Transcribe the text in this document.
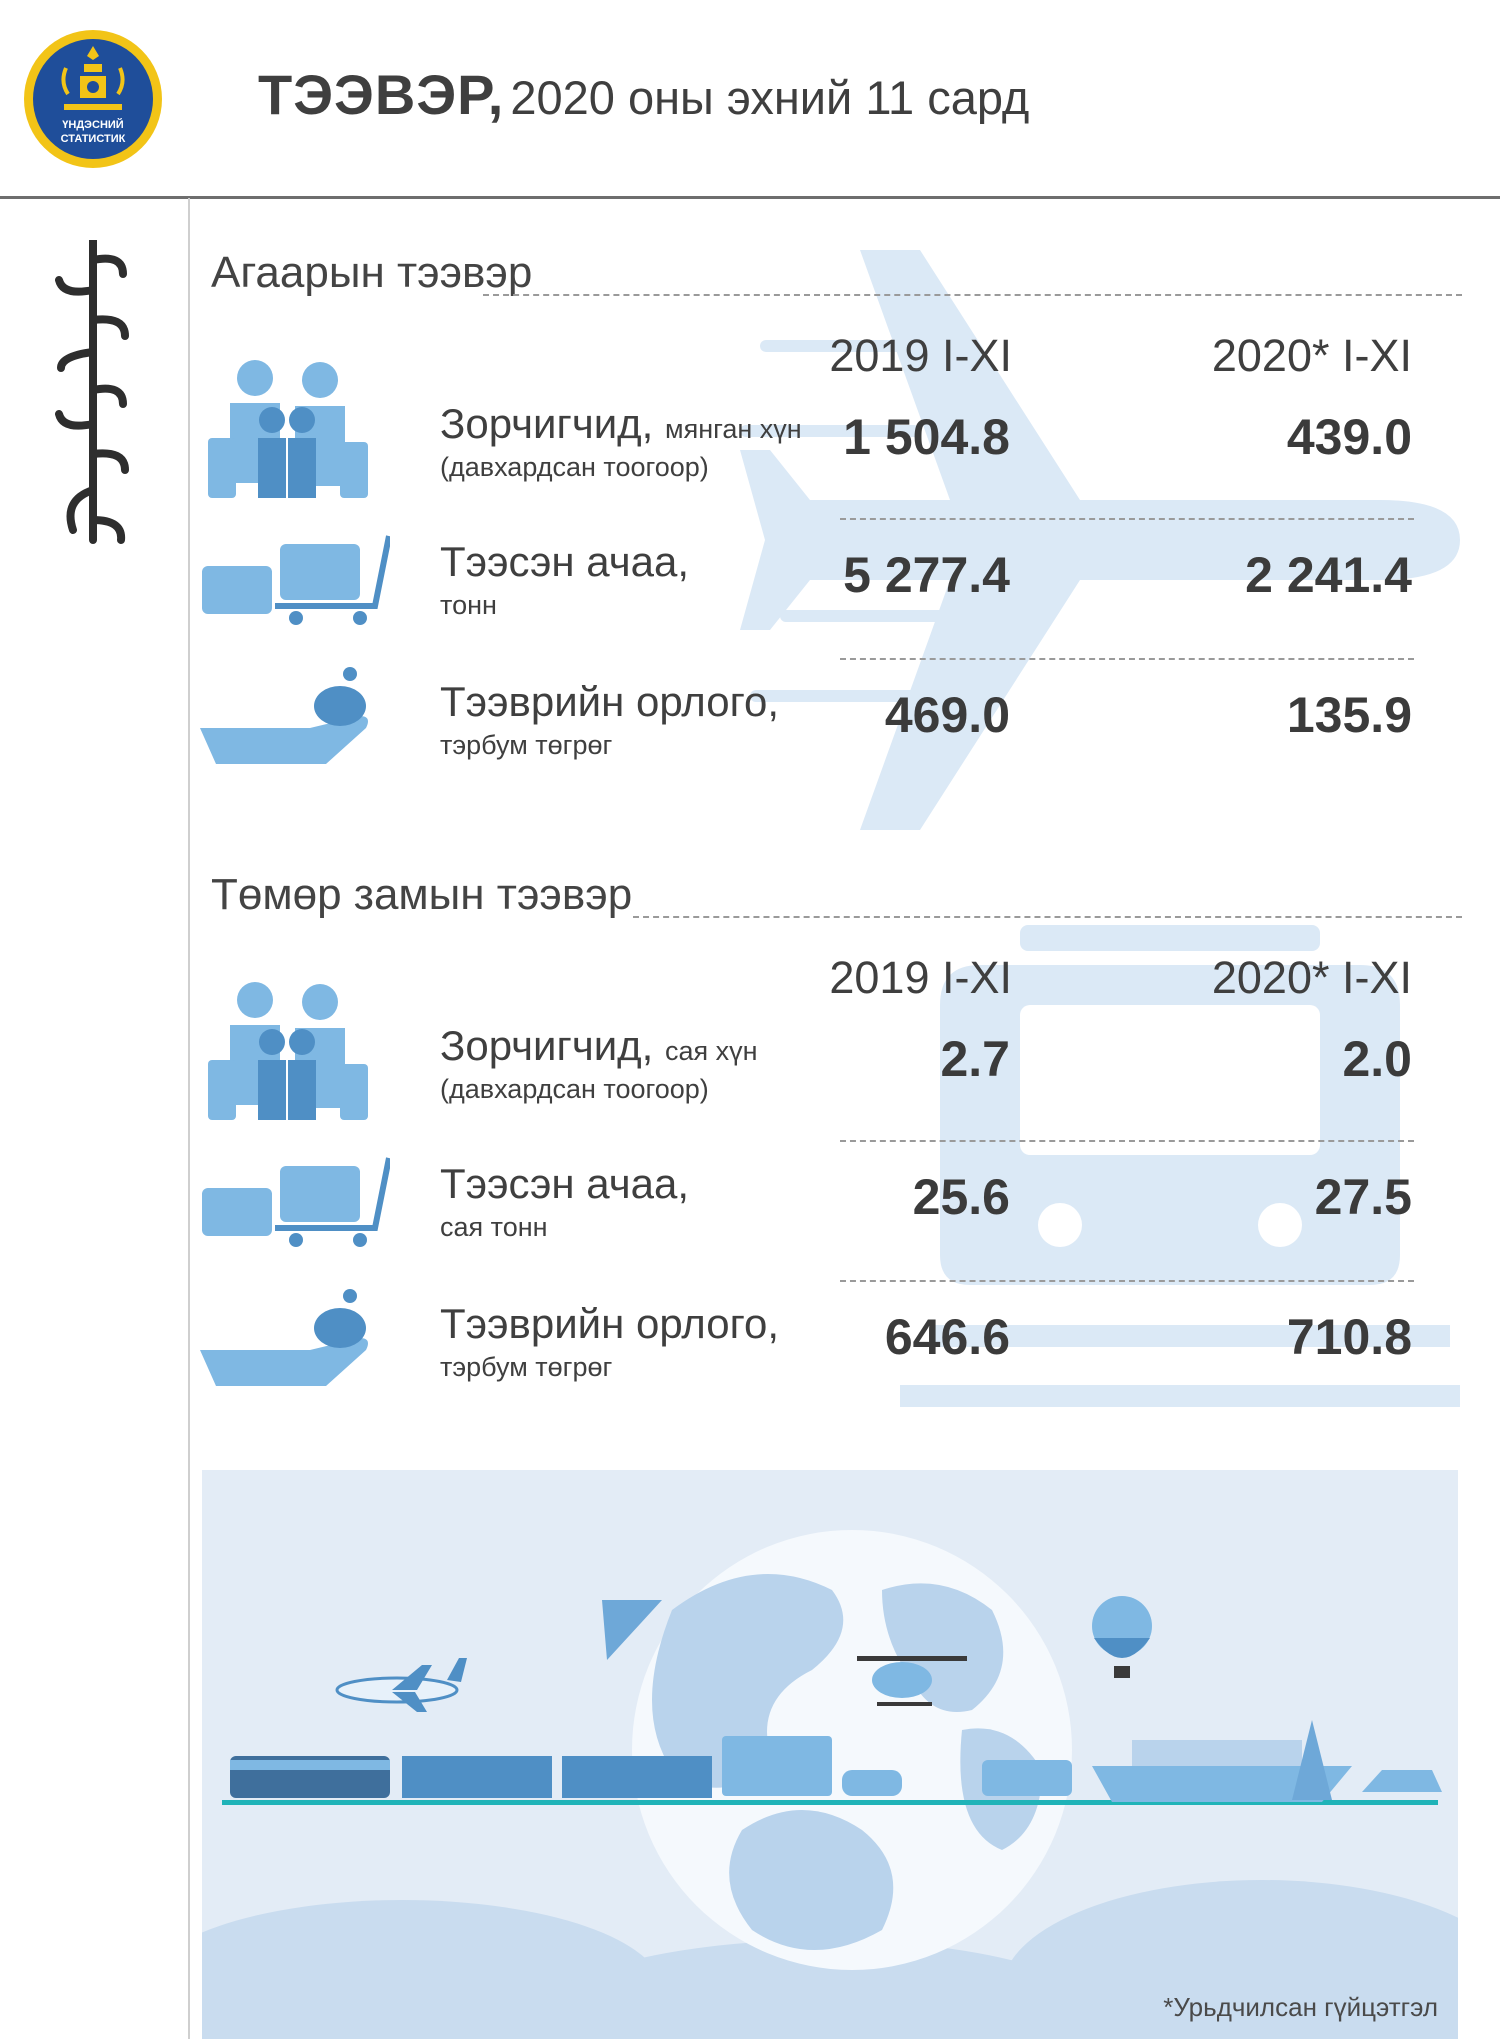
ҮНДЭСНИЙ СТАТИСТИК
ТЭЭВЭР, 2020 оны эхний 11 сард
Агаарын тээвэр
2019 I-XI	2020* I-XI
Зорчигчид, мянган хүн
(давхардсан тоогоор)
1 504.8	439.0
Тээсэн ачаа,
тонн
5 277.4	2 241.4
Тээврийн орлого,
тэрбум төгрөг
469.0	135.9
Төмөр замын тээвэр
2019 I-XI	2020* I-XI
Зорчигчид, сая хүн
(давхардсан тоогоор)
2.7	2.0
Тээсэн ачаа,
сая тонн
25.6	27.5
Тээврийн орлого,
тэрбум төгрөг
646.6	710.8
*Урьдчилсан гүйцэтгэл
